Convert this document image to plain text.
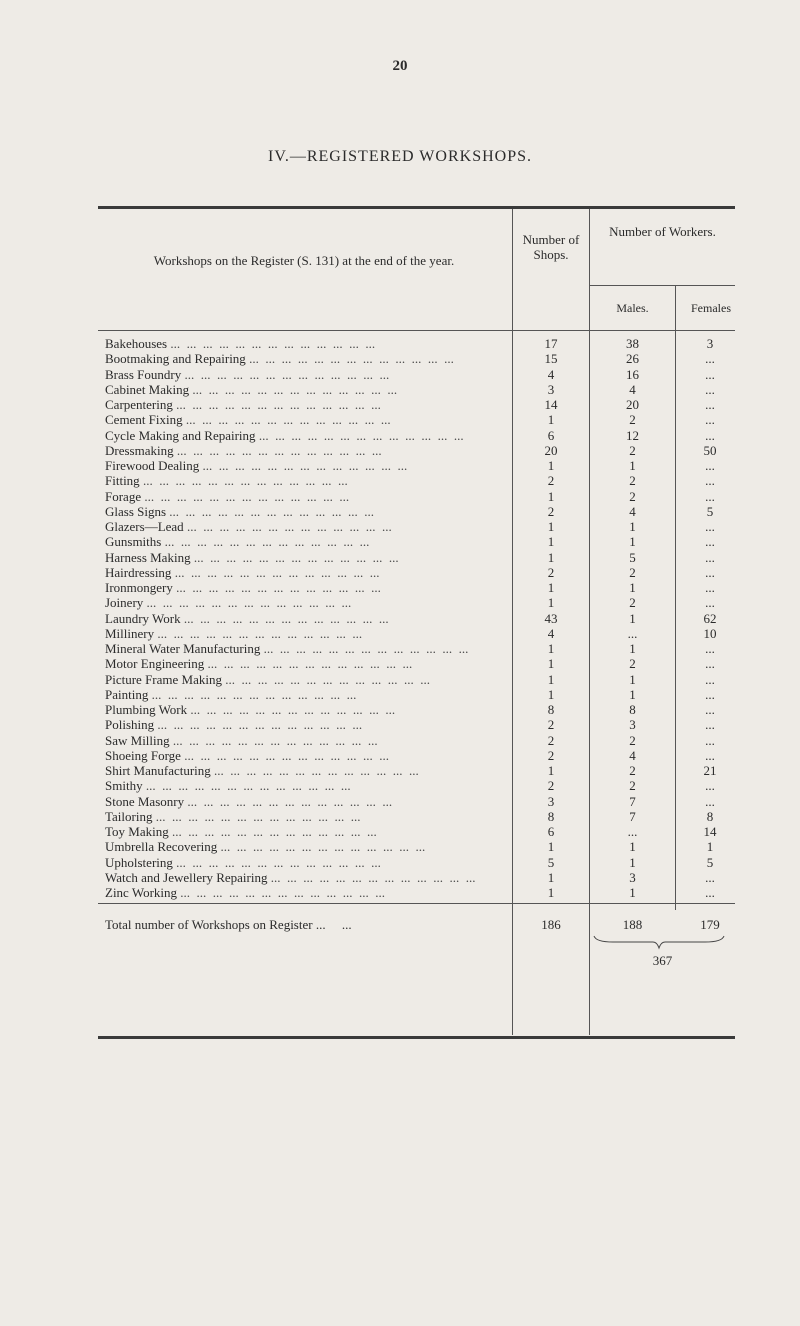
20
IV.—REGISTERED WORKSHOPS.
Workshops on the Register (S. 131) at the end of the year.
Number of Shops.
Number of Workers.
Males.	Females
Bakehouses ...  ...  ...  ...  ...  ...  ...  ...  ...  ...  ...  ...  ...	17	38	3
Bootmaking and Repairing ...  ...  ...  ...  ...  ...  ...  ...  ...  ...  ...  ...  ...	15	26	...
Brass Foundry ...  ...  ...  ...  ...  ...  ...  ...  ...  ...  ...  ...  ...	4	16	...
Cabinet Making ...  ...  ...  ...  ...  ...  ...  ...  ...  ...  ...  ...  ...	3	4	...
Carpentering ...  ...  ...  ...  ...  ...  ...  ...  ...  ...  ...  ...  ...	14	20	...
Cement Fixing ...  ...  ...  ...  ...  ...  ...  ...  ...  ...  ...  ...  ...	1	2	...
Cycle Making and Repairing ...  ...  ...  ...  ...  ...  ...  ...  ...  ...  ...  ...  ...	6	12	...
Dressmaking ...  ...  ...  ...  ...  ...  ...  ...  ...  ...  ...  ...  ...	20	2	50
Firewood Dealing ...  ...  ...  ...  ...  ...  ...  ...  ...  ...  ...  ...  ...	1	1	...
Fitting ...  ...  ...  ...  ...  ...  ...  ...  ...  ...  ...  ...  ...	2	2	...
Forage ...  ...  ...  ...  ...  ...  ...  ...  ...  ...  ...  ...  ...	1	2	...
Glass Signs ...  ...  ...  ...  ...  ...  ...  ...  ...  ...  ...  ...  ...	2	4	5
Glazers—Lead ...  ...  ...  ...  ...  ...  ...  ...  ...  ...  ...  ...  ...	1	1	...
Gunsmiths ...  ...  ...  ...  ...  ...  ...  ...  ...  ...  ...  ...  ...	1	1	...
Harness Making ...  ...  ...  ...  ...  ...  ...  ...  ...  ...  ...  ...  ...	1	5	...
Hairdressing ...  ...  ...  ...  ...  ...  ...  ...  ...  ...  ...  ...  ...	2	2	...
Ironmongery ...  ...  ...  ...  ...  ...  ...  ...  ...  ...  ...  ...  ...	1	1	...
Joinery ...  ...  ...  ...  ...  ...  ...  ...  ...  ...  ...  ...  ...	1	2	...
Laundry Work ...  ...  ...  ...  ...  ...  ...  ...  ...  ...  ...  ...  ...	43	1	62
Millinery ...  ...  ...  ...  ...  ...  ...  ...  ...  ...  ...  ...  ...	4	...	10
Mineral Water Manufacturing ...  ...  ...  ...  ...  ...  ...  ...  ...  ...  ...  ...  ...	1	1	...
Motor Engineering ...  ...  ...  ...  ...  ...  ...  ...  ...  ...  ...  ...  ...	1	2	...
Picture Frame Making ...  ...  ...  ...  ...  ...  ...  ...  ...  ...  ...  ...  ...	1	1	...
Painting ...  ...  ...  ...  ...  ...  ...  ...  ...  ...  ...  ...  ...	1	1	...
Plumbing Work ...  ...  ...  ...  ...  ...  ...  ...  ...  ...  ...  ...  ...	8	8	...
Polishing ...  ...  ...  ...  ...  ...  ...  ...  ...  ...  ...  ...  ...	2	3	...
Saw Milling ...  ...  ...  ...  ...  ...  ...  ...  ...  ...  ...  ...  ...	2	2	...
Shoeing Forge ...  ...  ...  ...  ...  ...  ...  ...  ...  ...  ...  ...  ...	2	4	...
Shirt Manufacturing ...  ...  ...  ...  ...  ...  ...  ...  ...  ...  ...  ...  ...	1	2	21
Smithy ...  ...  ...  ...  ...  ...  ...  ...  ...  ...  ...  ...  ...	2	2	...
Stone Masonry ...  ...  ...  ...  ...  ...  ...  ...  ...  ...  ...  ...  ...	3	7	...
Tailoring ...  ...  ...  ...  ...  ...  ...  ...  ...  ...  ...  ...  ...	8	7	8
Toy Making ...  ...  ...  ...  ...  ...  ...  ...  ...  ...  ...  ...  ...	6	...	14
Umbrella Recovering ...  ...  ...  ...  ...  ...  ...  ...  ...  ...  ...  ...  ...	1	1	1
Upholstering ...  ...  ...  ...  ...  ...  ...  ...  ...  ...  ...  ...  ...	5	1	5
Watch and Jewellery Repairing ...  ...  ...  ...  ...  ...  ...  ...  ...  ...  ...  ...  ...	1	3	...
Zinc Working ...  ...  ...  ...  ...  ...  ...  ...  ...  ...  ...  ...  ...	1	1	...
Total number of Workshops on Register ...     ...	186	188	179
367
